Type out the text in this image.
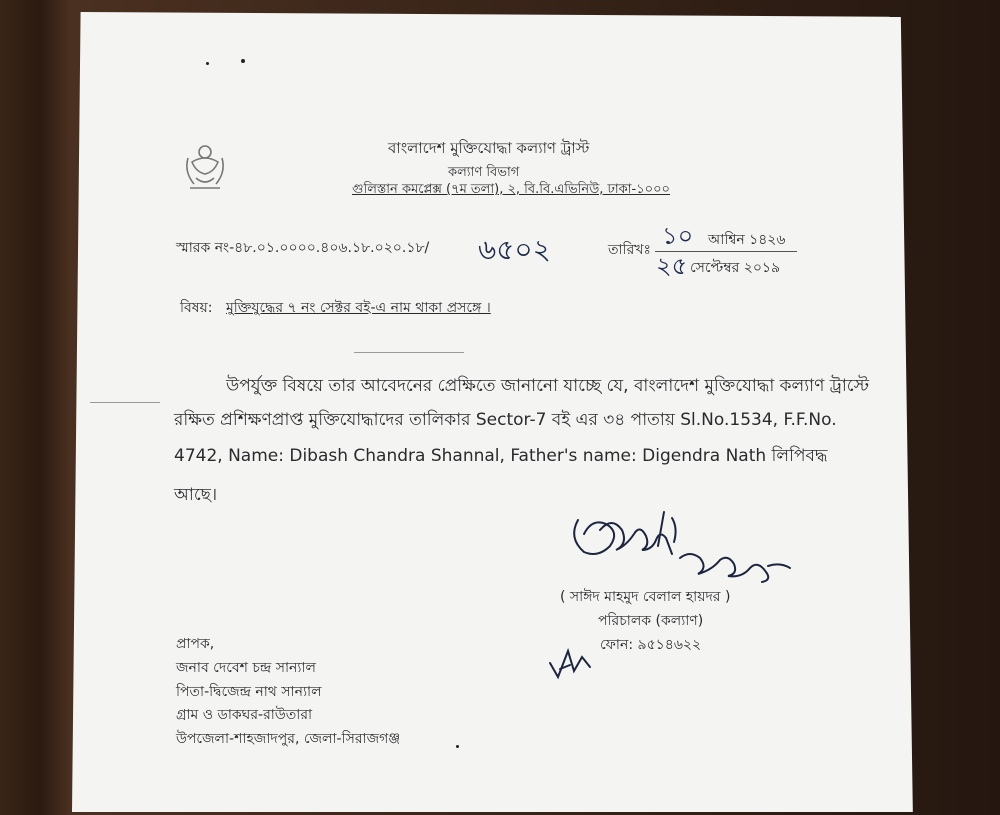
বাংলাদেশ মুক্তিযোদ্ধা কল্যাণ ট্রাস্ট
কল্যাণ বিভাগ
গুলিস্তান কমপ্লেক্স (৭ম তলা), ২, বি.বি.এভিনিউ, ঢাকা-১০০০
স্মারক নং-৪৮.০১.০০০০.৪০৬.১৮.০২০.১৮/ ৬৫০২	তারিখঃ ১০ আশ্বিন ১৪২৬
২৫ সেপ্টেম্বর ২০১৯
বিষয়: মুক্তিযুদ্ধের ৭ নং সেক্টর বই-এ নাম থাকা প্রসঙ্গে ।
উপর্যুক্ত বিষয়ে তার আবেদনের প্রেক্ষিতে জানানো যাচ্ছে যে, বাংলাদেশ মুক্তিযোদ্ধা কল্যাণ ট্রাস্টে
রক্ষিত প্রশিক্ষণপ্রাপ্ত মুক্তিযোদ্ধাদের তালিকার Sector-7 বই এর ৩৪ পাতায় Sl.No.1534, F.F.No.
4742, Name: Dibash Chandra Shannal, Father's name: Digendra Nath লিপিবদ্ধ
আছে।
( সাঈদ মাহমুদ বেলাল হায়দর )
পরিচালক (কল্যাণ)
ফোন: ৯৫১৪৬২২
প্রাপক,
জনাব দেবেশ চন্দ্র সান্যাল
পিতা-দ্বিজেন্দ্র নাথ সান্যাল
গ্রাম ও ডাকঘর-রাউতারা
উপজেলা-শাহজাদপুর, জেলা-সিরাজগঞ্জ
